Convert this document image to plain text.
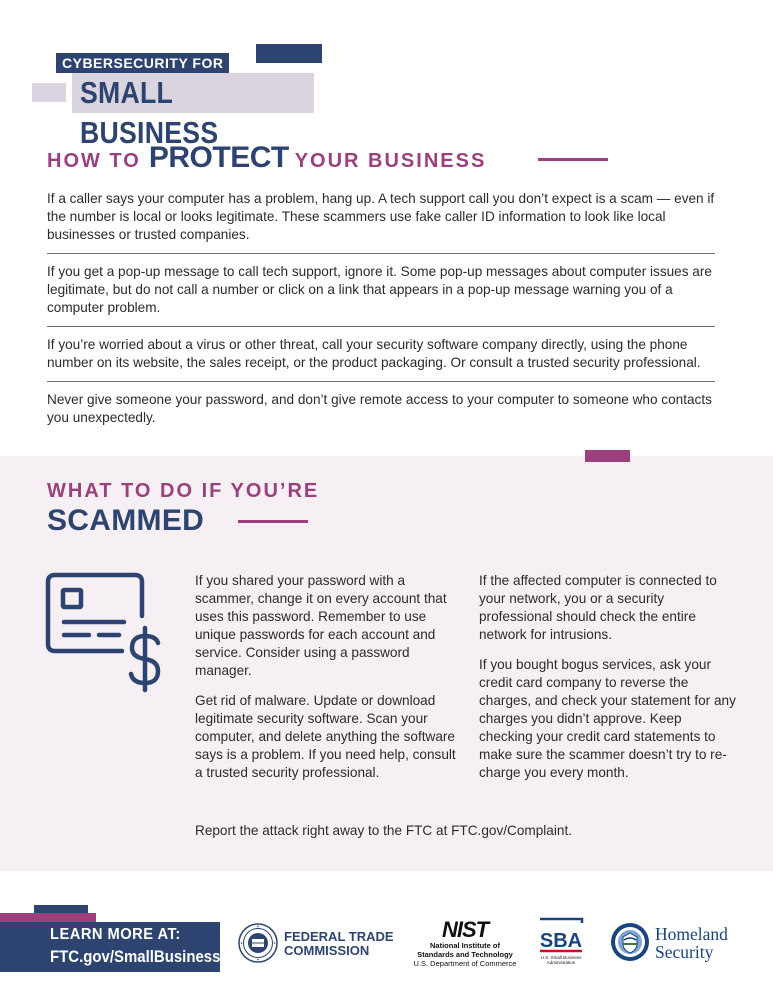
CYBERSECURITY FOR
SMALL BUSINESS
HOW TO PROTECT YOUR BUSINESS

If a caller says your computer has a problem, hang up. A tech support call you don’t expect is a scam — even if the number is local or looks legitimate. These scammers use fake caller ID information to look like local businesses or trusted companies.

If you get a pop-up message to call tech support, ignore it. Some pop-up messages about computer issues are legitimate, but do not call a number or click on a link that appears in a pop-up message warning you of a computer problem.

If you’re worried about a virus or other threat, call your security software company directly, using the phone number on its website, the sales receipt, or the product packaging. Or consult a trusted security professional.

Never give someone your password, and don’t give remote access to your computer to someone who contacts you unexpectedly.

WHAT TO DO IF YOU’RE
SCAMMED

If you shared your password with a scammer, change it on every account that uses this password. Remember to use unique passwords for each account and service. Consider using a password manager.

Get rid of malware. Update or download legitimate security software. Scan your computer, and delete anything the software says is a problem. If you need help, consult a trusted security professional.

If the affected computer is connected to your network, you or a security professional should check the entire network for intrusions.

If you bought bogus services, ask your credit card company to reverse the charges, and check your statement for any charges you didn’t approve. Keep checking your credit card statements to make sure the scammer doesn’t try to re-charge you every month.

Report the attack right away to the FTC at FTC.gov/Complaint.
LEARN MORE AT:
FTC.gov/SmallBusiness
FEDERAL TRADE
COMMISSION
NIST
National Institute of
Standards and Technology
U.S. Department of Commerce
SBA
U.S. Small Business
Administration
Homeland
Security
